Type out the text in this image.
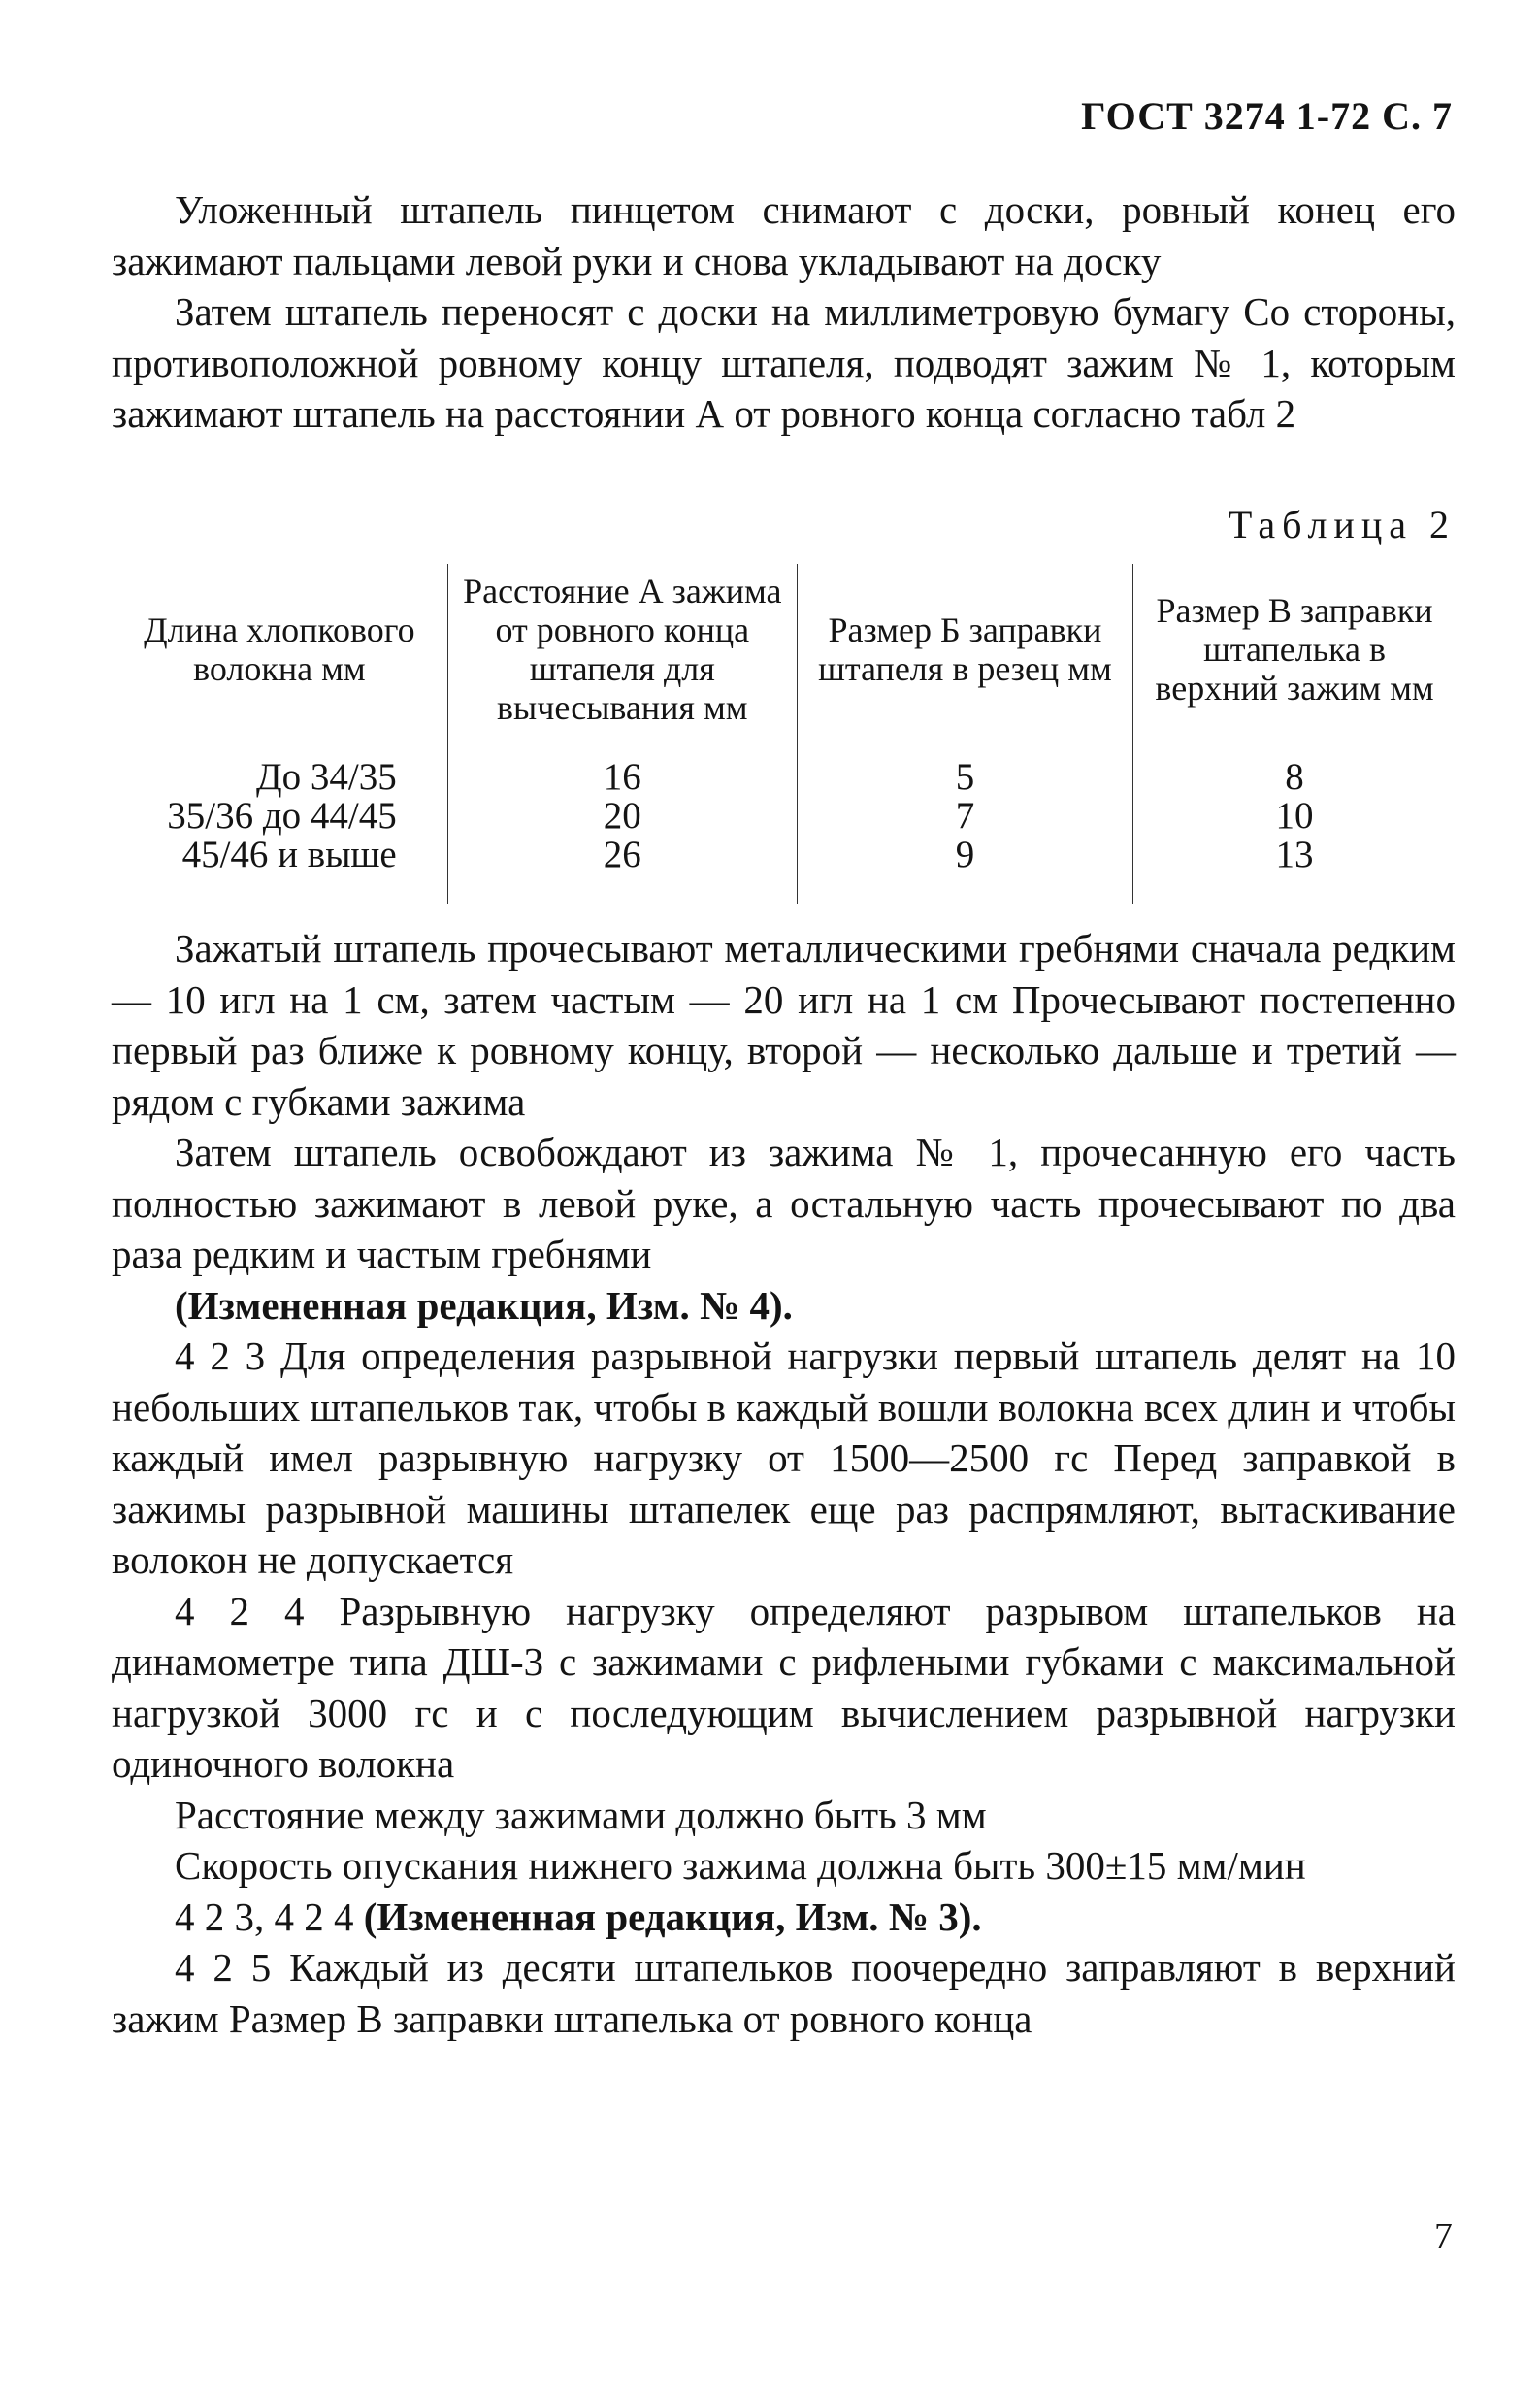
ГОСТ 3274 1-72 С. 7

Уложенный штапель пинцетом снимают с доски, ровный конец его зажимают пальцами левой руки и снова укладывают на доску

Затем штапель переносят с доски на миллиметровую бумагу Со стороны, противоположной ровному концу штапеля, подводят зажим № 1, которым зажимают штапель на расстоянии А от ровного конца согласно табл 2

Таблица 2
Длина хлопкового волокна мм	Расстояние А зажима от ровного конца штапеля для вычесывания мм	Размер Б заправки штапеля в резец мм	Размер В заправки штапелька в верхний зажим мм
До 34/35	16	5	8
35/36 до 44/45	20	7	10
45/46 и выше	26	9	13

Зажатый штапель прочесывают металлическими гребнями сначала редким — 10 игл на 1 см, затем частым — 20 игл на 1 см Прочесывают постепенно первый раз ближе к ровному концу, второй — несколько дальше и третий — рядом с губками зажима

Затем штапель освобождают из зажима № 1, прочесанную его часть полностью зажимают в левой руке, а остальную часть прочесывают по два раза редким и частым гребнями

(Измененная редакция, Изм. № 4).

4 2 3 Для определения разрывной нагрузки первый штапель делят на 10 небольших штапельков так, чтобы в каждый вошли волокна всех длин и чтобы каждый имел разрывную нагрузку от 1500—2500 гс Перед заправкой в зажимы разрывной машины штапелек еще раз распрямляют, вытаскивание волокон не допускается

4 2 4 Разрывную нагрузку определяют разрывом штапельков на динамометре типа ДШ-3 с зажимами с рифлеными губками с максимальной нагрузкой 3000 гс и с последующим вычислением разрывной нагрузки одиночного волокна

Расстояние между зажимами должно быть 3 мм

Скорость опускания нижнего зажима должна быть 300±15 мм/мин

4 2 3, 4 2 4 (Измененная редакция, Изм. № 3).

4 2 5 Каждый из десяти штапельков поочередно заправляют в верхний зажим Размер В заправки штапелька от ровного конца

7
